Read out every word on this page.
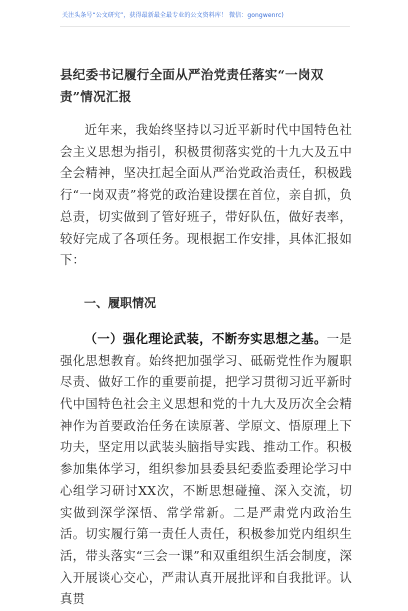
关注头条号“公文研究”，获得最新最全最专业的公文资料库！ 微信：gongwenrc)
县纪委书记履行全面从严治党责任落实“一岗双责”情况汇报

近年来，我始终坚持以习近平新时代中国特色社会主义思想为指引，积极贯彻落实党的十九大及五中全会精神，坚决扛起全面从严治党政治责任，积极践行“一岗双责”将党的政治建设摆在首位，亲自抓，负总责，切实做到了管好班子，带好队伍，做好表率，较好完成了各项任务。现根据工作安排，具体汇报如下：

一、履职情况

（一）强化理论武装，不断夯实思想之基。一是强化思想教育。始终把加强学习、砥砺党性作为履职尽责、做好工作的重要前提，把学习贯彻习近平新时代中国特色社会主义思想和党的十九大及历次全会精神作为首要政治任务在读原著、学原文、悟原理上下功夫，坚定用以武装头脑指导实践、推动工作。积极参加集体学习，组织参加县委县纪委监委理论学习中心组学习研讨XX次，不断思想碰撞、深入交流，切实做到深学深悟、常学常新。二是严肃党内政治生活。切实履行第一责任人责任，积极参加党内组织生活，带头落实“三会一课”和双重组织生活会制度，深入开展谈心交心，严肃认真开展批评和自我批评。认真贯
